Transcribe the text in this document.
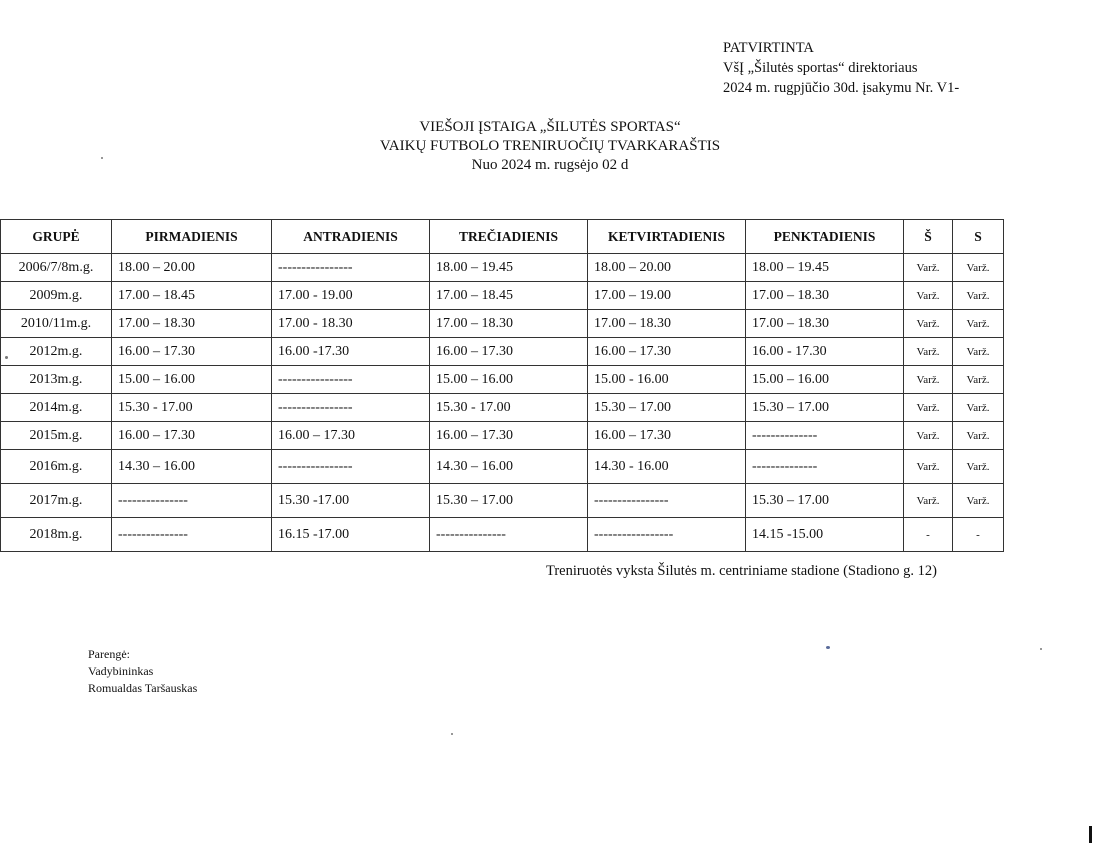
PATVIRTINTA
VšĮ „Šilutės sportas“ direktoriaus
2024 m. rugpjūčio 30d. įsakymu Nr. V1-
VIEŠOJI ĮSTAIGA „ŠILUTĖS SPORTAS“
VAIKŲ FUTBOLO TRENIRUOČIŲ TVARKARAŠTIS
Nuo 2024 m. rugsėjo 02 d
GRUPĖ	PIRMADIENIS	ANTRADIENIS	TREČIADIENIS	KETVIRTADIENIS	PENKTADIENIS	Š	S
2006/7/8m.g.	18.00 – 20.00	----------------	18.00 – 19.45	18.00 – 20.00	18.00 – 19.45	Varž.	Varž.
2009m.g.	17.00 – 18.45	17.00 - 19.00	17.00 – 18.45	17.00 – 19.00	17.00 – 18.30	Varž.	Varž.
2010/11m.g.	17.00 – 18.30	17.00 - 18.30	17.00 – 18.30	17.00 – 18.30	17.00 – 18.30	Varž.	Varž.
2012m.g.	16.00 – 17.30	16.00 -17.30	16.00 – 17.30	16.00 – 17.30	16.00 - 17.30	Varž.	Varž.
2013m.g.	15.00 – 16.00	----------------	15.00 – 16.00	15.00 - 16.00	15.00 – 16.00	Varž.	Varž.
2014m.g.	15.30 - 17.00	----------------	15.30 - 17.00	15.30 – 17.00	15.30 – 17.00	Varž.	Varž.
2015m.g.	16.00 – 17.30	16.00 – 17.30	16.00 – 17.30	16.00 – 17.30	--------------	Varž.	Varž.
2016m.g.	14.30 – 16.00	----------------	14.30 – 16.00	14.30 - 16.00	--------------	Varž.	Varž.
2017m.g.	---------------	15.30 -17.00	15.30 – 17.00	----------------	15.30 – 17.00	Varž.	Varž.
2018m.g.	---------------	16.15 -17.00	---------------	-----------------	14.15 -15.00	-	-
Treniruotės vyksta Šilutės m. centriniame stadione (Stadiono g. 12)
Parengė:
Vadybininkas
Romualdas Taršauskas
